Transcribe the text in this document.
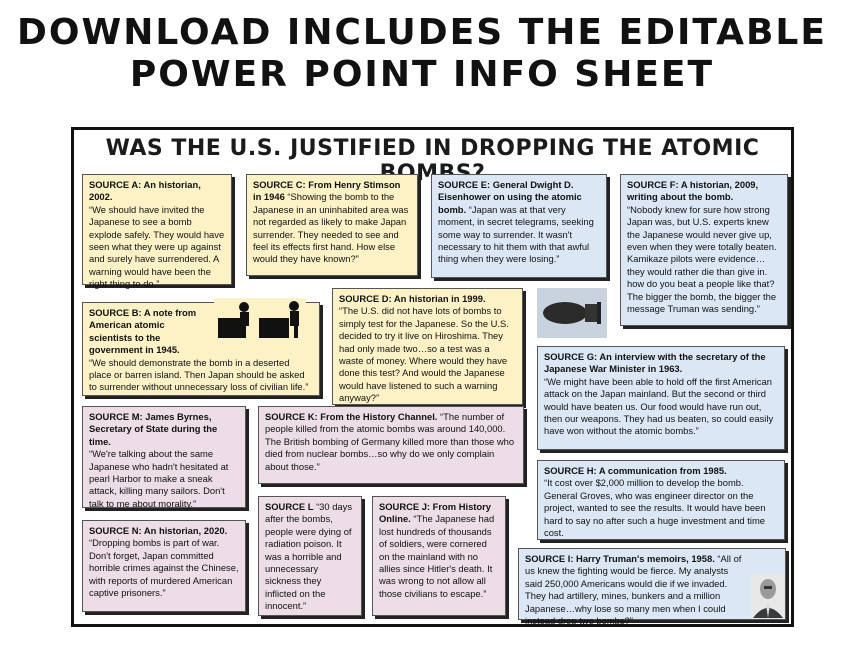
DOWNLOAD INCLUDES THE EDITABLE
POWER POINT INFO SHEET
WAS THE U.S. JUSTIFIED IN DROPPING THE ATOMIC
SOURCE A: An historian, 2002.
“We should have invited the Japanese to see a bomb explode safely. They would have seen what they were up against and surely have surrendered. A warning would have been the right thing to do.”
SOURCE C: From Henry Stimson in 1946 “Showing the bomb to the Japanese in an uninhabited area was not regarded as likely to make Japan surrender. They needed to see and feel its effects first hand. How else would they have known?”
SOURCE E: General Dwight D. Eisenhower on using the atomic bomb. “Japan was at that very moment, in secret telegrams, seeking some way to surrender. It wasn't necessary to hit them with that awful thing when they were losing.”
SOURCE F: A historian, 2009, writing about the bomb.
“Nobody knew for sure how strong Japan was, but U.S. experts knew the Japanese would never give up, even when they were totally beaten. Kamikaze pilots were evidence…they would rather die than give in. how do you beat a people like that? The bigger the bomb, the bigger the message Truman was sending.”
SOURCE B: A note from American atomic scientists to the government in 1945.
“We should demonstrate the bomb in a deserted place or barren island. Then Japan should be asked to surrender without unnecessary loss of civilian life.”
SOURCE D: An historian in 1999.
“The U.S. did not have lots of bombs to simply test for the Japanese. So the U.S. decided to try it live on Hiroshima. They had only made two…so a test was a waste of money. Where would they have done this test? And would the Japanese would have listened to such a warning anyway?”
SOURCE G: An interview with the secretary of the Japanese War Minister in 1963.
“We might have been able to hold off the first American attack on the Japan mainland. But the second or third would have beaten us. Our food would have run out, then our weapons. They had us beaten, so could easily have won without the atomic bombs.”
SOURCE M: James Byrnes, Secretary of State during the time.
“We're talking about the same Japanese who hadn't hesitated at pearl Harbor to make a sneak attack, killing many sailors. Don't talk to me about morality.”
SOURCE K: From the History Channel. “The number of people killed from the atomic bombs was around 140,000. The British bombing of Germany killed more than those who died from nuclear bombs…so why do we only complain about those.”	SOURCE H: A communication from 1985.
“It cost over $2,000 million to develop the bomb. General Groves, who was engineer director on the project, wanted to see the results. It would have been hard to say no after such a huge investment and time cost.
SOURCE L “30 days after the bombs, people were dying of radiation poison. It was a horrible and unnecessary sickness they inflicted on the innocent.”
SOURCE J: From History Online. “The Japanese had lost hundreds of thousands of soldiers, were cornered on the mainland with no allies since Hitler's death. It was wrong to not allow all those civilians to escape.”
SOURCE N: An historian, 2020.
“Dropping bombs is part of war. Don't forget, Japan committed horrible crimes against the Chinese, with reports of murdered American captive prisoners.”
SOURCE I: Harry Truman's memoirs, 1958. “All of us knew the fighting would be fierce. My analysts said 250,000 Americans would die if we invaded. They had artillery, mines, bunkers and a million Japanese…why lose so many men when I could instead drop two bombs?”
